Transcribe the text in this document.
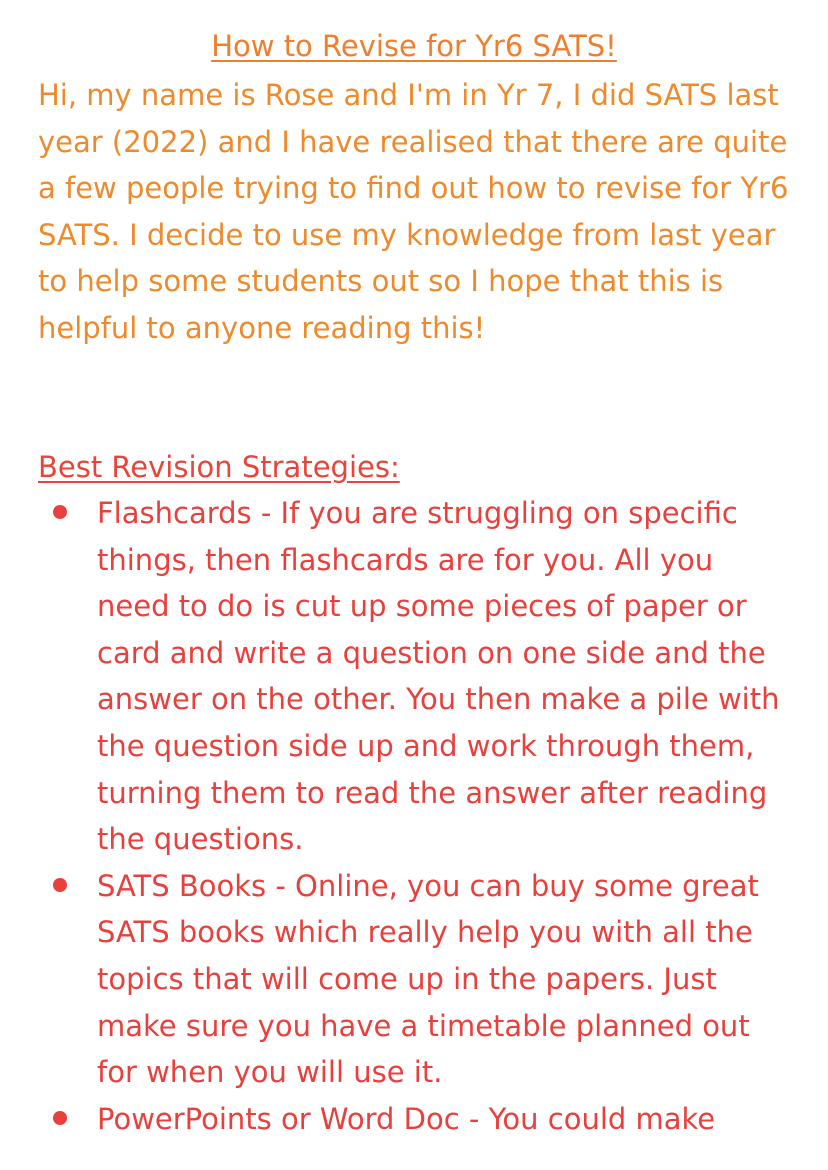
How to Revise for Yr6 SATS!

Hi, my name is Rose and I'm in Yr 7, I did SATS last year (2022) and I have realised that there are quite a few people trying to find out how to revise for Yr6 SATS. I decide to use my knowledge from last year to help some students out so I hope that this is helpful to anyone reading this!

Best Revision Strategies:
Flashcards - If you are struggling on specific things, then flashcards are for you. All you need to do is cut up some pieces of paper or card and write a question on one side and the answer on the other. You then make a pile with the question side up and work through them, turning them to read the answer after reading the questions.
SATS Books - Online, you can buy some great SATS books which really help you with all the topics that will come up in the papers. Just make sure you have a timetable planned out for when you will use it.
PowerPoints or Word Doc - You could make
